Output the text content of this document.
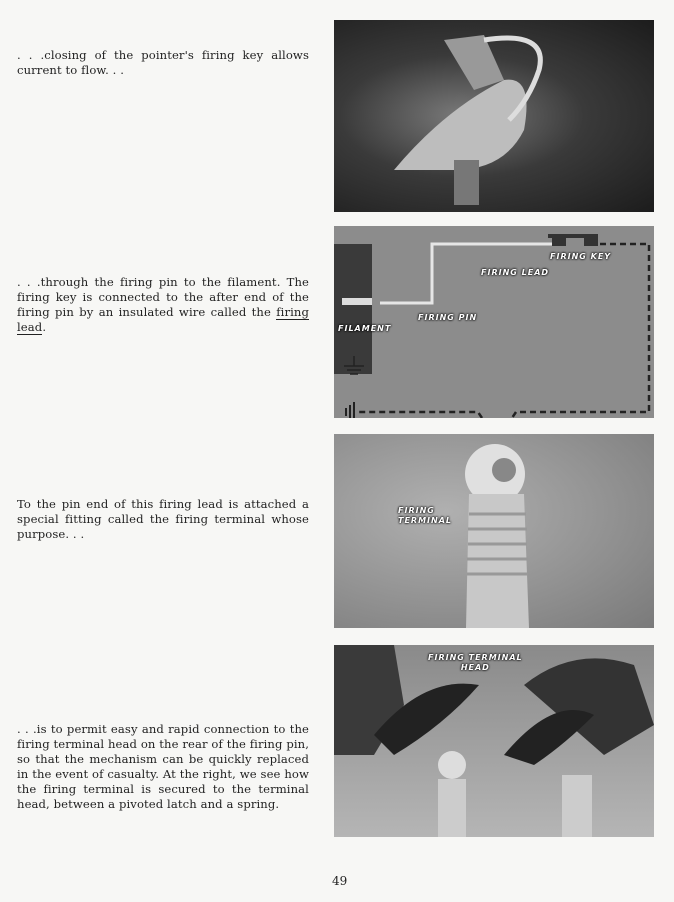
. . .closing of the pointer's firing key allows current to flow. . .
. . .through the firing pin to the filament. The firing key is connected to the after end of the firing pin by an insulated wire called the firing lead.
To the pin end of this firing lead is attached a special fitting called the firing terminal whose purpose. . .
. . .is to permit easy and rapid connection to the firing terminal head on the rear of the firing pin, so that the mechanism can be quickly replaced in the event of casualty. At the right, we see how the firing terminal is secured to the terminal head, between a pivoted latch and a spring.
FIRING KEY
FIRING LEAD
FIRING PIN
FILAMENT
FIRING
TERMINAL
FIRING TERMINAL
HEAD
49
